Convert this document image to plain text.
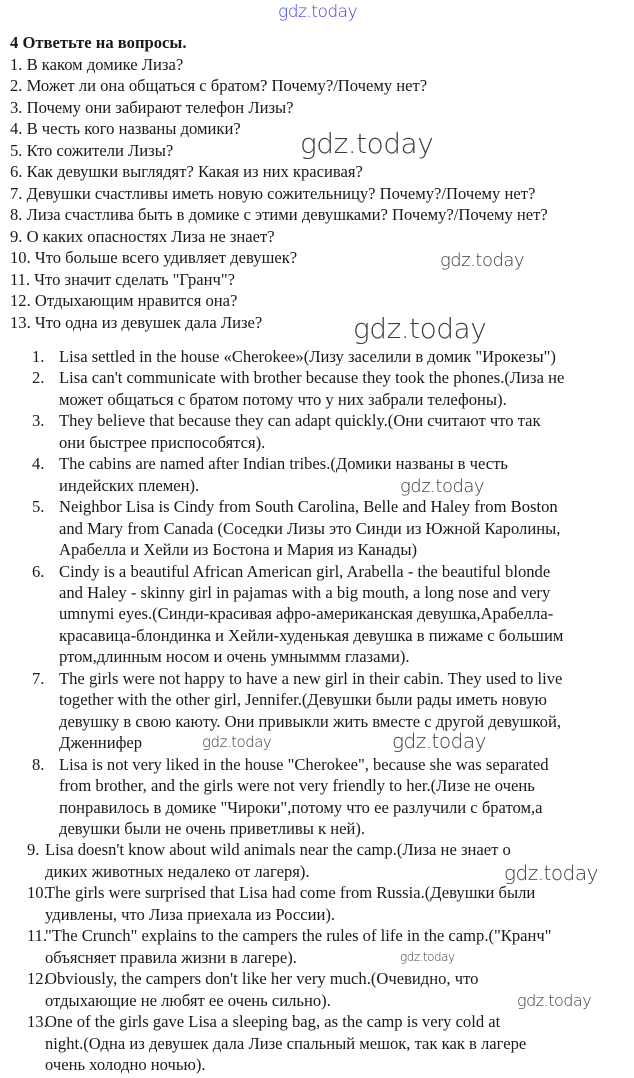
4 Ответьте на вопросы.
1. В каком домике Лиза?
2. Может ли она общаться с братом? Почему?/Почему нет?
3. Почему они забирают телефон Лизы?
4. В честь кого названы домики?
5. Кто сожители Лизы?
6. Как девушки выглядят? Какая из них красивая?
7. Девушки счастливы иметь новую сожительницу? Почему?/Почему нет?
8. Лиза счастлива быть в домике с этими девушками? Почему?/Почему нет?
9. О каких опасностях Лиза не знает?
10. Что больше всего удивляет девушек?
11. Что значит сделать "Гранч"?
12. Отдыхающим нравится она?
13. Что одна из девушек дала Лизе?
1. Lisa settled in the house «Cherokee»(Лизу заселили в домик "Ирокезы")
2. Lisa can't communicate with brother because they took the phones.(Лиза не
может общаться с братом потому что у них забрали телефоны).
3. They believe that because they can adapt quickly.(Они считают что так
они быстрее приспособятся).
4. The cabins are named after Indian tribes.(Домики названы в честь
индейских племен).
5. Neighbor Lisa is Cindy from South Carolina, Belle and Haley from Boston
and Mary from Canada (Соседки Лизы это Синди из Южной Каролины,
Арабелла и Хейли из Бостона и Мария из Канады)
6. Cindy is a beautiful African American girl, Arabella - the beautiful blonde
and Haley - skinny girl in pajamas with a big mouth, a long nose and very
umnymi eyes.(Синди-красивая афро-американская девушка,Арабелла-
красавица-блондинка и Хейли-худенькая девушка в пижаме с большим
ртом,длинным носом и очень умныммм глазами).
7. The girls were not happy to have a new girl in their cabin. They used to live
together with the other girl, Jennifer.(Девушки были рады иметь новую
девушку в свою каюту. Они привыкли жить вместе с другой девушкой,
Дженнифер
8. Lisa is not very liked in the house "Cherokee", because she was separated
from brother, and the girls were not very friendly to her.(Лизе не очень
понравилось в домике "Чироки",потому что ее разлучили с братом,а
девушки были не очень приветливы к ней).
9. Lisa doesn't know about wild animals near the camp.(Лиза не знает о
диких животных недалеко от лагеря).
10.
The girls were surprised that Lisa had come from Russia.(Девушки были
удивлены, что Лиза приехала из России).
11.
"The Crunch" explains to the campers the rules of life in the camp.("Кранч"
объясняет правила жизни в лагере).
12.
Obviously, the campers don't like her very much.(Очевидно, что
отдыхающие не любят ее очень сильно).
13.
One of the girls gave Lisa a sleeping bag, as the camp is very cold at
night.(Одна из девушек дала Лизе спальный мешок, так как в лагере
очень холодно ночью).
gdz.today
gdz.today
gdz.today
gdz.today
gdz.today
gdz.today	gdz.today
gdz.today
gdz.today
gdz.today
